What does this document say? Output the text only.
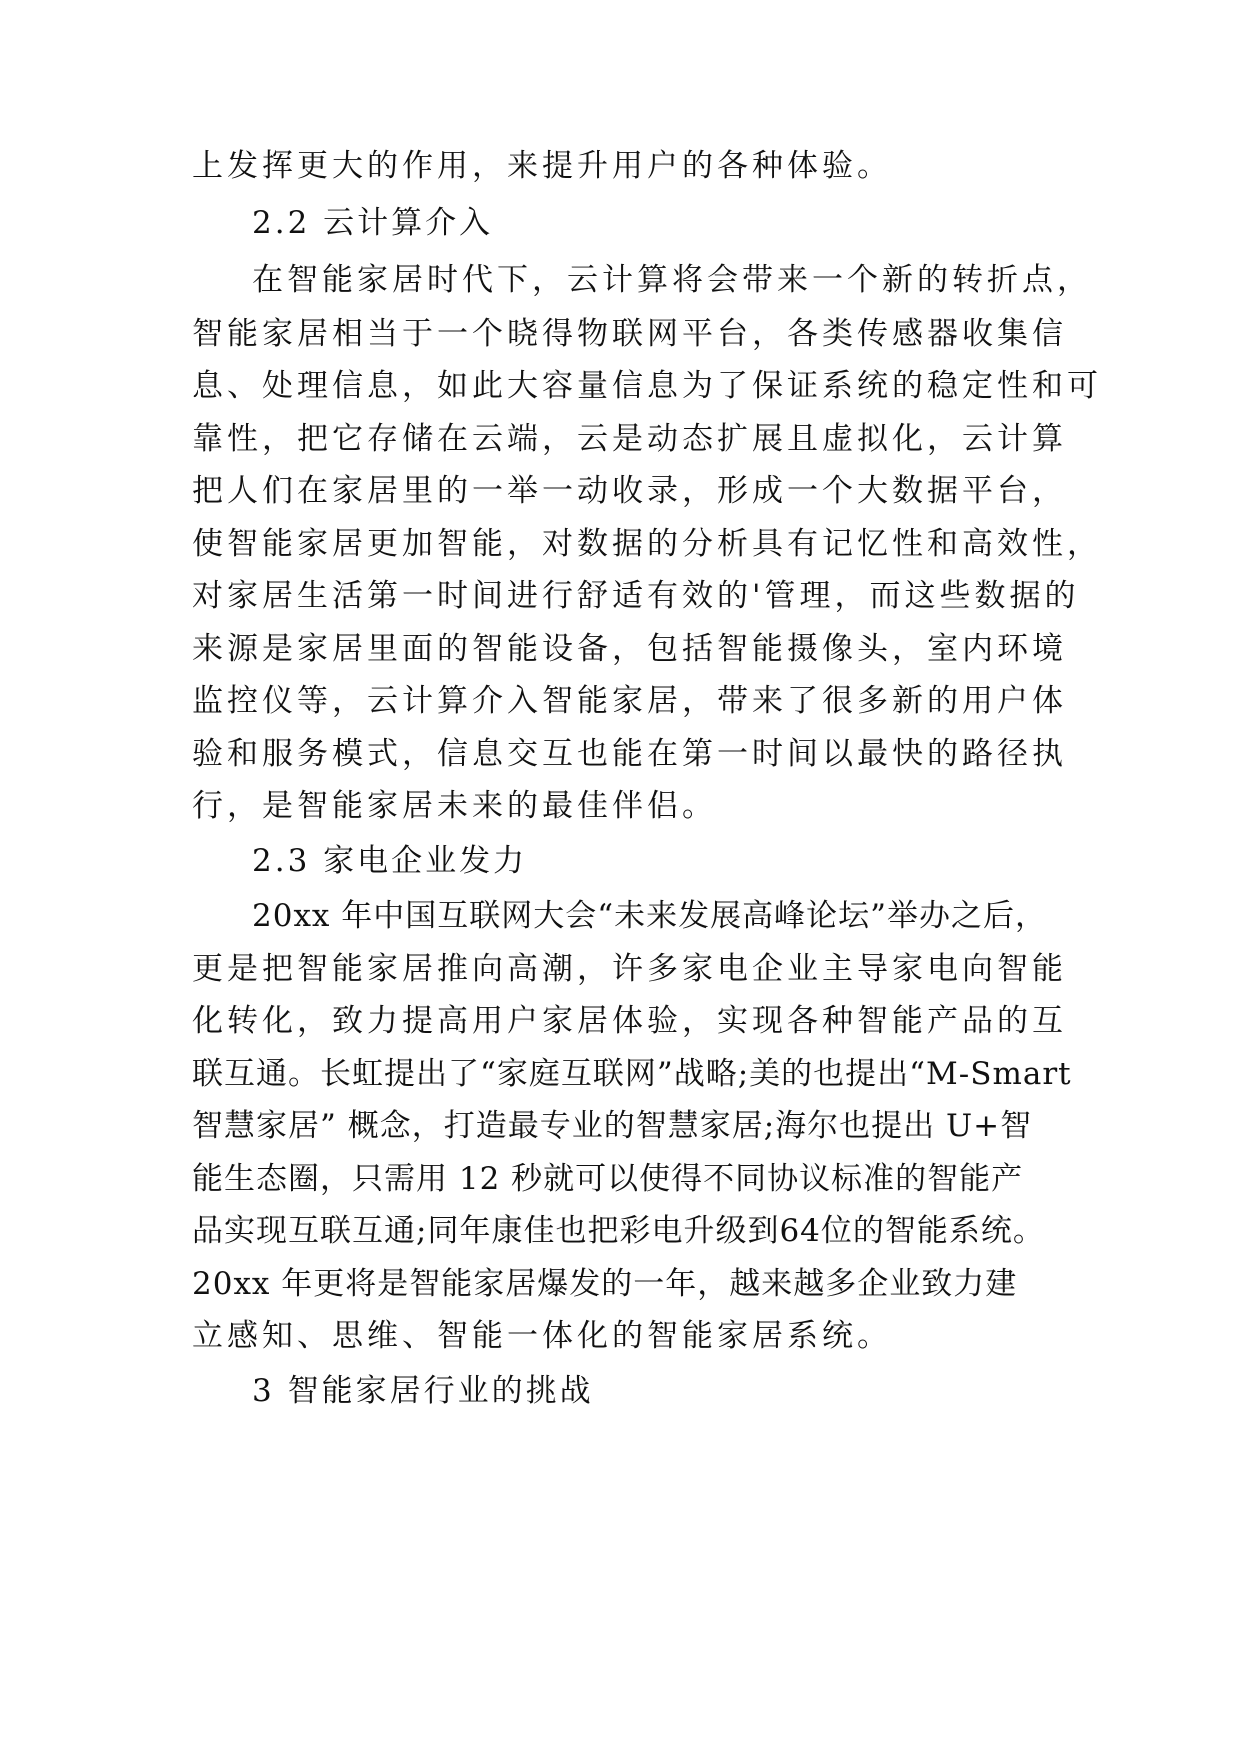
上发挥更大的作用，来提升用户的各种体验。
2.2 云计算介入
在智能家居时代下，云计算将会带来一个新的转折点，
智能家居相当于一个晓得物联网平台，各类传感器收集信
息、处理信息，如此大容量信息为了保证系统的稳定性和可
靠性，把它存储在云端，云是动态扩展且虚拟化，云计算
把人们在家居里的一举一动收录，形成一个大数据平台，
使智能家居更加智能，对数据的分析具有记忆性和高效性，
对家居生活第一时间进行舒适有效的'管理，而这些数据的
来源是家居里面的智能设备，包括智能摄像头，室内环境
监控仪等，云计算介入智能家居，带来了很多新的用户体
验和服务模式，信息交互也能在第一时间以最快的路径执
行，是智能家居未来的最佳伴侣。
2.3 家电企业发力
20xx 年中国互联网大会“未来发展高峰论坛”举办之后，
更是把智能家居推向高潮，许多家电企业主导家电向智能
化转化，致力提高用户家居体验，实现各种智能产品的互
联互通。长虹提出了“家庭互联网”战略;美的也提出“M-Smart
智慧家居” 概念，打造最专业的智慧家居;海尔也提出 U+智
能生态圈，只需用 12 秒就可以使得不同协议标准的智能产
品实现互联互通;同年康佳也把彩电升级到64位的智能系统。
20xx 年更将是智能家居爆发的一年，越来越多企业致力建
立感知、思维、智能一体化的智能家居系统。
3 智能家居行业的挑战
